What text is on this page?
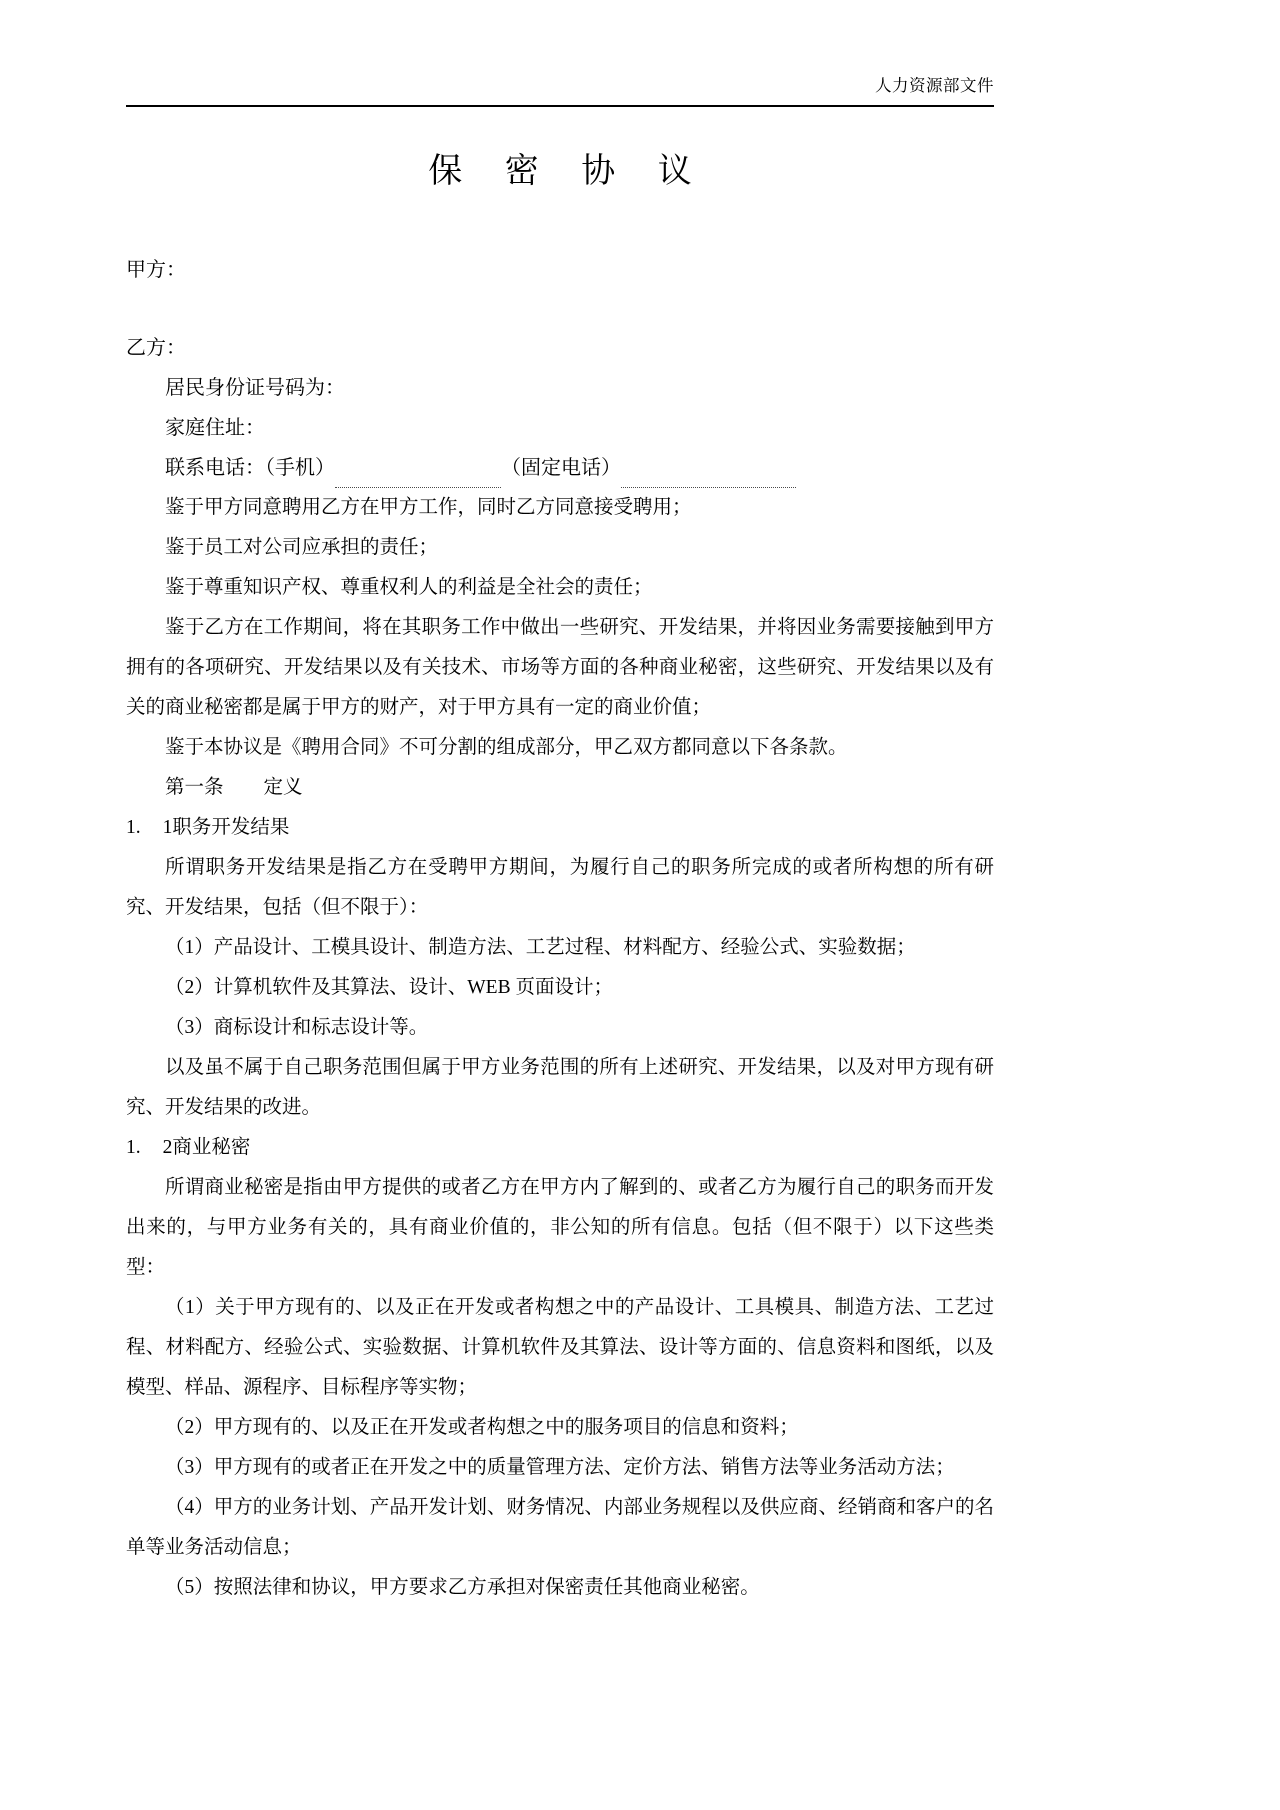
人力资源部文件
保 密 协 议
甲方：
乙方：
居民身份证号码为：
家庭住址：
联系电话：（手机）	（固定电话）

鉴于甲方同意聘用乙方在甲方工作，同时乙方同意接受聘用；

鉴于员工对公司应承担的责任；

鉴于尊重知识产权、尊重权利人的利益是全社会的责任；

鉴于乙方在工作期间，将在其职务工作中做出一些研究、开发结果，并将因业务需要接触到甲方拥有的各项研究、开发结果以及有关技术、市场等方面的各种商业秘密，这些研究、开发结果以及有关的商业秘密都是属于甲方的财产，对于甲方具有一定的商业价值；

鉴于本协议是《聘用合同》不可分割的组成部分，甲乙双方都同意以下各条款。

第一条 定义
1. 1职务开发结果

所谓职务开发结果是指乙方在受聘甲方期间，为履行自己的职务所完成的或者所构想的所有研究、开发结果，包括（但不限于）：

（1）产品设计、工模具设计、制造方法、工艺过程、材料配方、经验公式、实验数据；

（2）计算机软件及其算法、设计、WEB 页面设计；

（3）商标设计和标志设计等。

以及虽不属于自己职务范围但属于甲方业务范围的所有上述研究、开发结果，以及对甲方现有研究、开发结果的改进。

1. 2商业秘密

所谓商业秘密是指由甲方提供的或者乙方在甲方内了解到的、或者乙方为履行自己的职务而开发出来的，与甲方业务有关的，具有商业价值的，非公知的所有信息。包括（但不限于）以下这些类型：

（1）关于甲方现有的、以及正在开发或者构想之中的产品设计、工具模具、制造方法、工艺过程、材料配方、经验公式、实验数据、计算机软件及其算法、设计等方面的、信息资料和图纸，以及模型、样品、源程序、目标程序等实物；

（2）甲方现有的、以及正在开发或者构想之中的服务项目的信息和资料；

（3）甲方现有的或者正在开发之中的质量管理方法、定价方法、销售方法等业务活动方法；

（4）甲方的业务计划、产品开发计划、财务情况、内部业务规程以及供应商、经销商和客户的名单等业务活动信息；

（5）按照法律和协议，甲方要求乙方承担对保密责任其他商业秘密。
